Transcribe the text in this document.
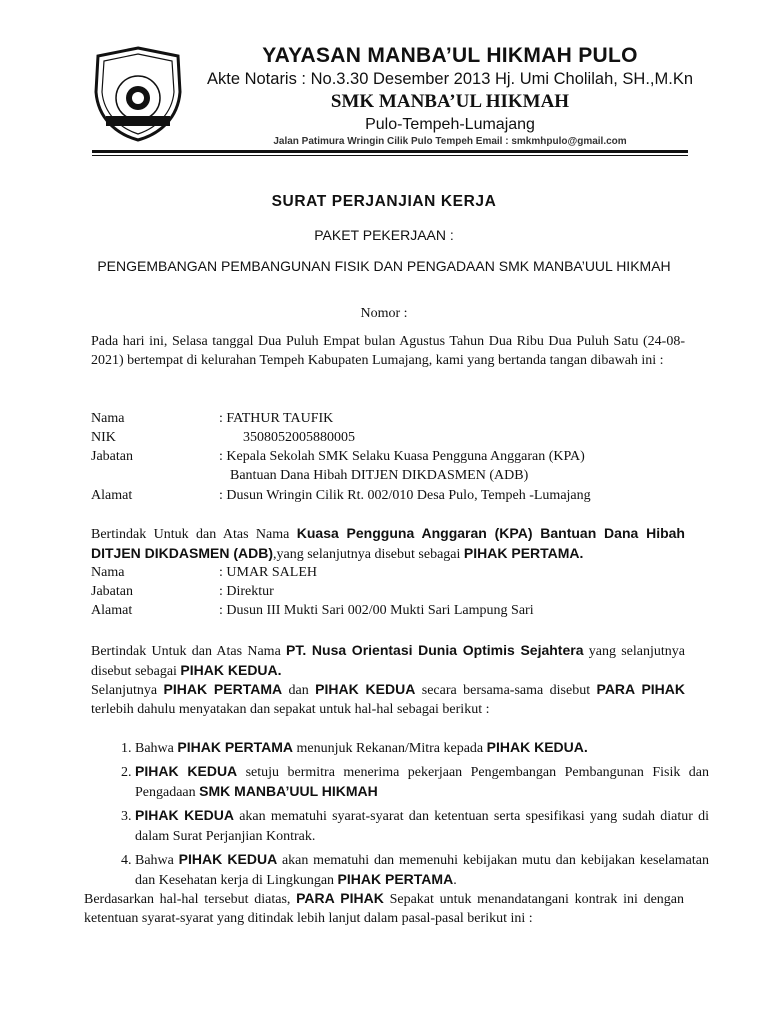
YAYASAN MANBA’UL HIKMAH PULO
Akte Notaris : No.3.30 Desember 2013 Hj. Umi Cholilah, SH.,M.Kn
SMK MANBA’UL HIKMAH
Pulo-Tempeh-Lumajang
Jalan Patimura Wringin Cilik Pulo Tempeh Email : smkmhpulo@gmail.com
SURAT PERJANJIAN KERJA
PAKET PEKERJAAN :
PENGEMBANGAN PEMBANGUNAN FISIK DAN PENGADAAN SMK MANBA’UUL HIKMAH
Nomor :
Pada hari ini, Selasa tanggal Dua Puluh Empat bulan Agustus Tahun Dua Ribu Dua Puluh Satu (24-08-2021) bertempat di kelurahan Tempeh Kabupaten Lumajang, kami yang bertanda tangan dibawah ini :
Nama	: FATHUR TAUFIK
NIK	3508052005880005
Jabatan	: Kepala Sekolah SMK Selaku Kuasa Pengguna Anggaran (KPA)
Bantuan Dana Hibah DITJEN DIKDASMEN (ADB)
Alamat	: Dusun Wringin Cilik Rt. 002/010 Desa Pulo, Tempeh -Lumajang
Bertindak Untuk dan Atas Nama Kuasa Pengguna Anggaran (KPA) Bantuan Dana Hibah DITJEN DIKDASMEN (ADB),yang selanjutnya disebut sebagai PIHAK PERTAMA.
Nama	: UMAR SALEH
Jabatan	: Direktur
Alamat	: Dusun III Mukti Sari 002/00 Mukti Sari Lampung Sari
Bertindak Untuk dan Atas Nama PT. Nusa Orientasi Dunia Optimis Sejahtera yang selanjutnya disebut sebagai PIHAK KEDUA.
Selanjutnya PIHAK PERTAMA dan PIHAK KEDUA secara bersama-sama disebut PARA PIHAK terlebih dahulu menyatakan dan sepakat untuk hal-hal sebagai berikut :
1. Bahwa PIHAK PERTAMA menunjuk Rekanan/Mitra kepada PIHAK KEDUA.
2. PIHAK KEDUA setuju bermitra menerima pekerjaan Pengembangan Pembangunan Fisik dan Pengadaan SMK MANBA’UUL HIKMAH
3. PIHAK KEDUA akan mematuhi syarat-syarat dan ketentuan serta spesifikasi yang sudah diatur di dalam Surat Perjanjian Kontrak.
4. Bahwa PIHAK KEDUA akan mematuhi dan memenuhi kebijakan mutu dan kebijakan keselamatan dan Kesehatan kerja di Lingkungan PIHAK PERTAMA.
Berdasarkan hal-hal tersebut diatas, PARA PIHAK Sepakat untuk menandatangani kontrak ini dengan ketentuan syarat-syarat yang ditindak lebih lanjut dalam pasal-pasal berikut ini :
